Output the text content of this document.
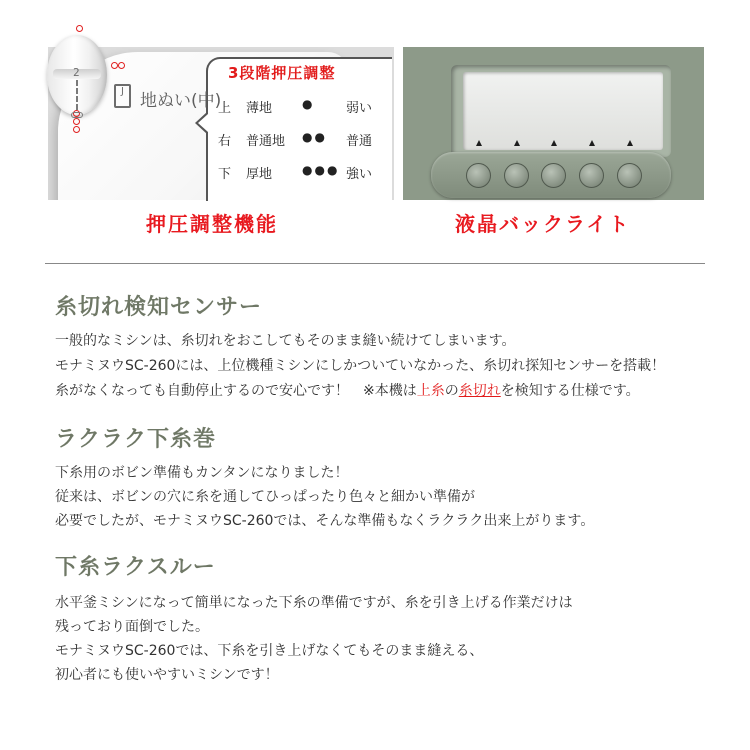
3段階押圧調整
上 薄地 ● 弱い
右 普通地 ●● 普通
下 厚地 ●●● 強い
2
J 地ぬい(中)
押圧調整機能	液晶バックライト
糸切れ検知センサー
一般的なミシンは、糸切れをおこしてもそのまま縫い続けてしまいます。
モナミヌウSC-260には、上位機種ミシンにしかついていなかった、糸切れ探知センサーを搭載！
糸がなくなっても自動停止するので安心です！　※本機は上糸の糸切れを検知する仕様です。
ラクラク下糸巻
下糸用のボビン準備もカンタンになりました！
従来は、ボビンの穴に糸を通してひっぱったり色々と細かい準備が
必要でしたが、モナミヌウSC-260では、そんな準備もなくラクラク出来上がります。
下糸ラクスルー
水平釜ミシンになって簡単になった下糸の準備ですが、糸を引き上げる作業だけは
残っており面倒でした。
モナミヌウSC-260では、下糸を引き上げなくてもそのまま縫える、
初心者にも使いやすいミシンです！
